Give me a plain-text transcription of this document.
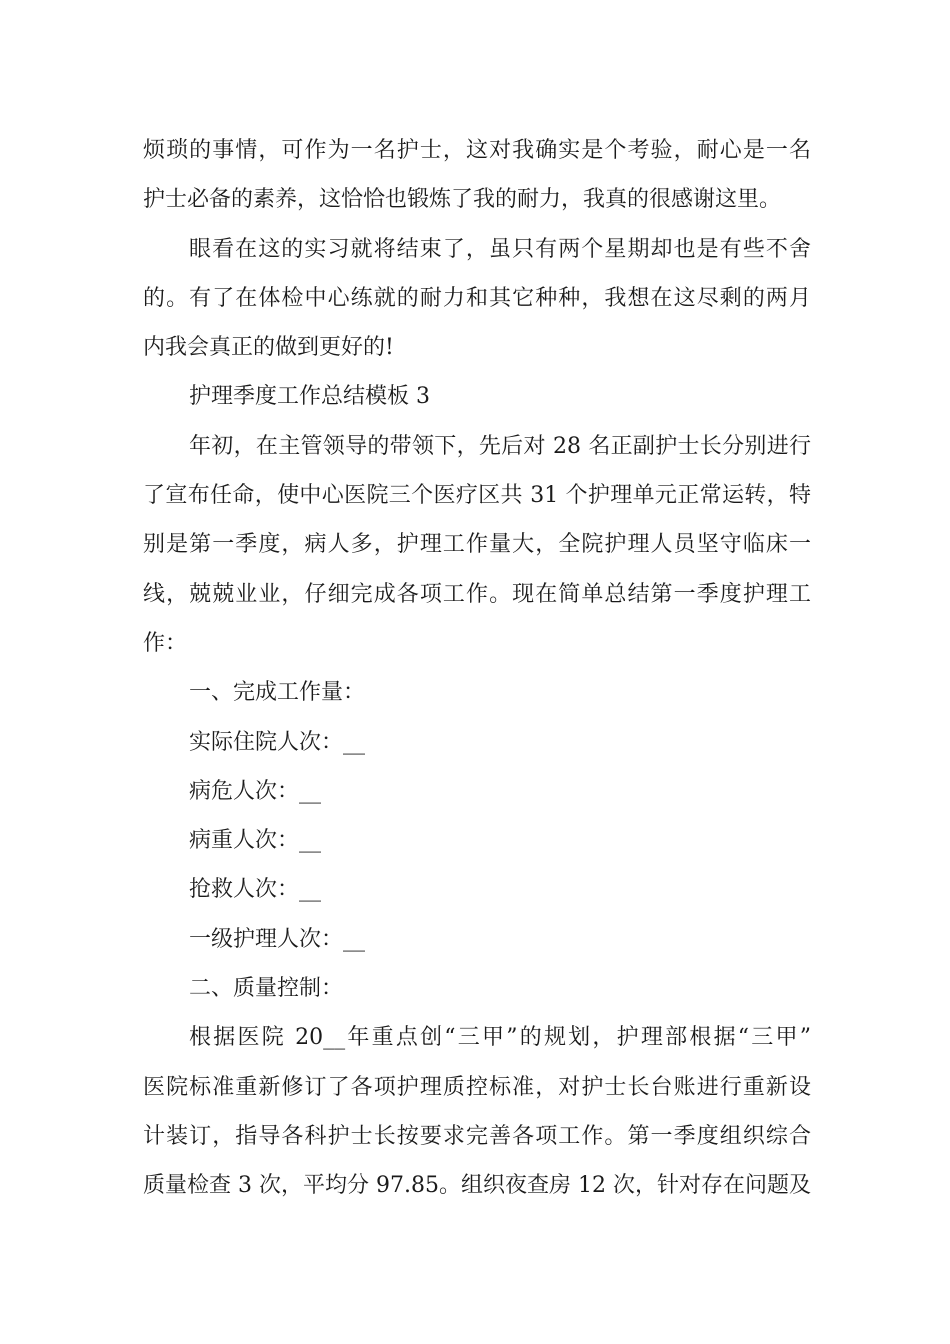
烦琐的事情，可作为一名护士，这对我确实是个考验，耐心是一名
护士必备的素养，这恰恰也锻炼了我的耐力，我真的很感谢这里。
眼看在这的实习就将结束了，虽只有两个星期却也是有些不舍
的。有了在体检中心练就的耐力和其它种种，我想在这尽剩的两月
内我会真正的做到更好的!
护理季度工作总结模板 3
年初，在主管领导的带领下，先后对 28 名正副护士长分别进行
了宣布任命，使中心医院三个医疗区共 31 个护理单元正常运转，特
别是第一季度，病人多，护理工作量大，全院护理人员坚守临床一
线，兢兢业业，仔细完成各项工作。现在简单总结第一季度护理工
作：
一、完成工作量：
实际住院人次：__
病危人次：__
病重人次：__
抢救人次：__
一级护理人次：__
二、质量控制：
根据医院 20__年重点创“三甲”的规划，护理部根据“三甲”
医院标准重新修订了各项护理质控标准，对护士长台账进行重新设
计装订，指导各科护士长按要求完善各项工作。第一季度组织综合
质量检查 3 次，平均分 97.85。组织夜查房 12 次，针对存在问题及
